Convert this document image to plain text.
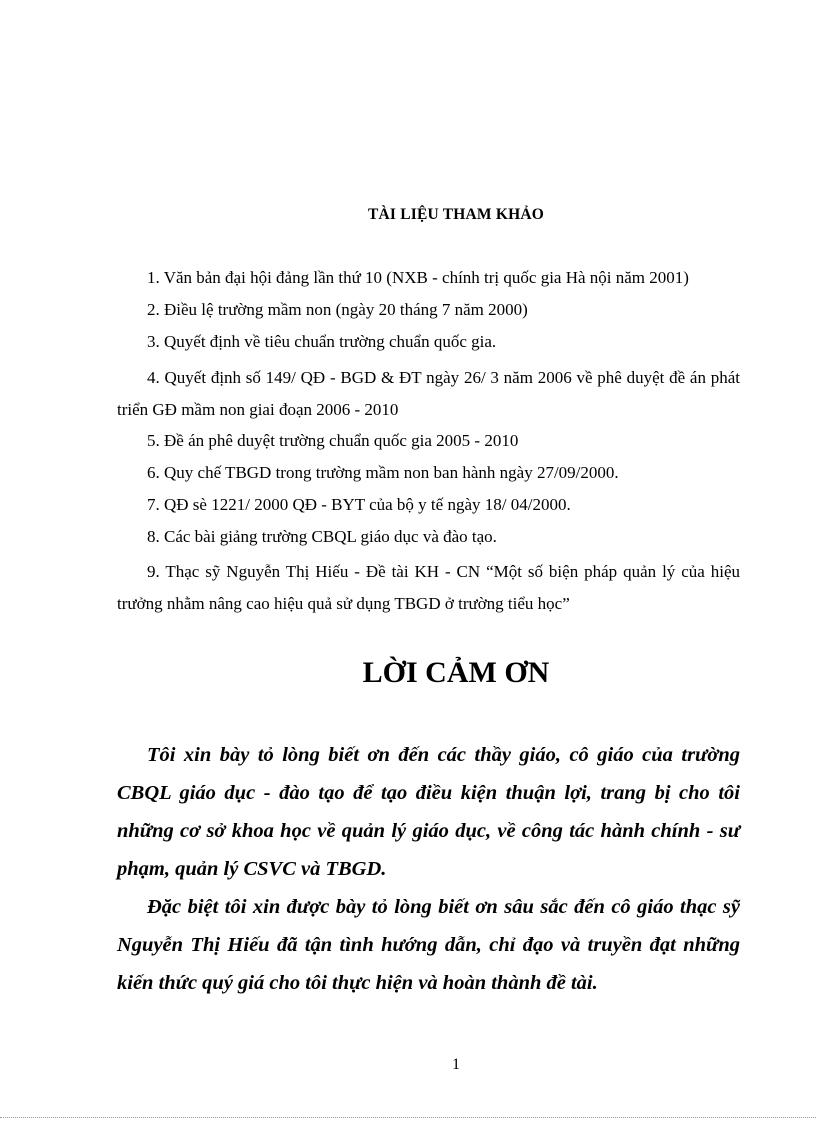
TÀI LIỆU THAM KHẢO
1. Văn bản đại hội đảng lần thứ 10 (NXB - chính trị quốc gia Hà nội năm 2001)
2. Điều lệ trường mầm non (ngày 20 tháng 7 năm 2000)
3. Quyết định về tiêu chuẩn trường chuẩn quốc gia.
4. Quyết định số 149/ QĐ - BGD & ĐT ngày 26/ 3 năm 2006 về phê duyệt đề án phát triển GĐ mầm non giai đoạn 2006 - 2010
5. Đề án phê duyệt trường chuẩn quốc gia 2005 - 2010
6. Quy chế TBGD trong trường mầm non ban hành ngày 27/09/2000.
7. QĐ sè 1221/ 2000 QĐ - BYT của bộ y tế ngày 18/ 04/2000.
8. Các bài giảng trường CBQL giáo dục và đào tạo.
9. Thạc sỹ Nguyễn Thị Hiếu - Đề tài KH - CN “Một số biện pháp quản lý của hiệu trưởng nhằm nâng cao hiệu quả sử dụng TBGD ở trường tiểu học”
LỜI CẢM ƠN

Tôi xin bày tỏ lòng biết ơn đến các thầy giáo, cô giáo của trường CBQL giáo dục - đào tạo để tạo điều kiện thuận lợi, trang bị cho tôi những cơ sở khoa học về quản lý giáo dục, về công tác hành chính - sư phạm, quản lý CSVC và TBGD.

Đặc biệt tôi xin được bày tỏ lòng biết ơn sâu sắc đến cô giáo thạc sỹ Nguyễn Thị Hiếu đã tận tình hướng dẫn, chỉ đạo và truyền đạt những kiến thức quý giá cho tôi thực hiện và hoàn thành đề tài.

1
